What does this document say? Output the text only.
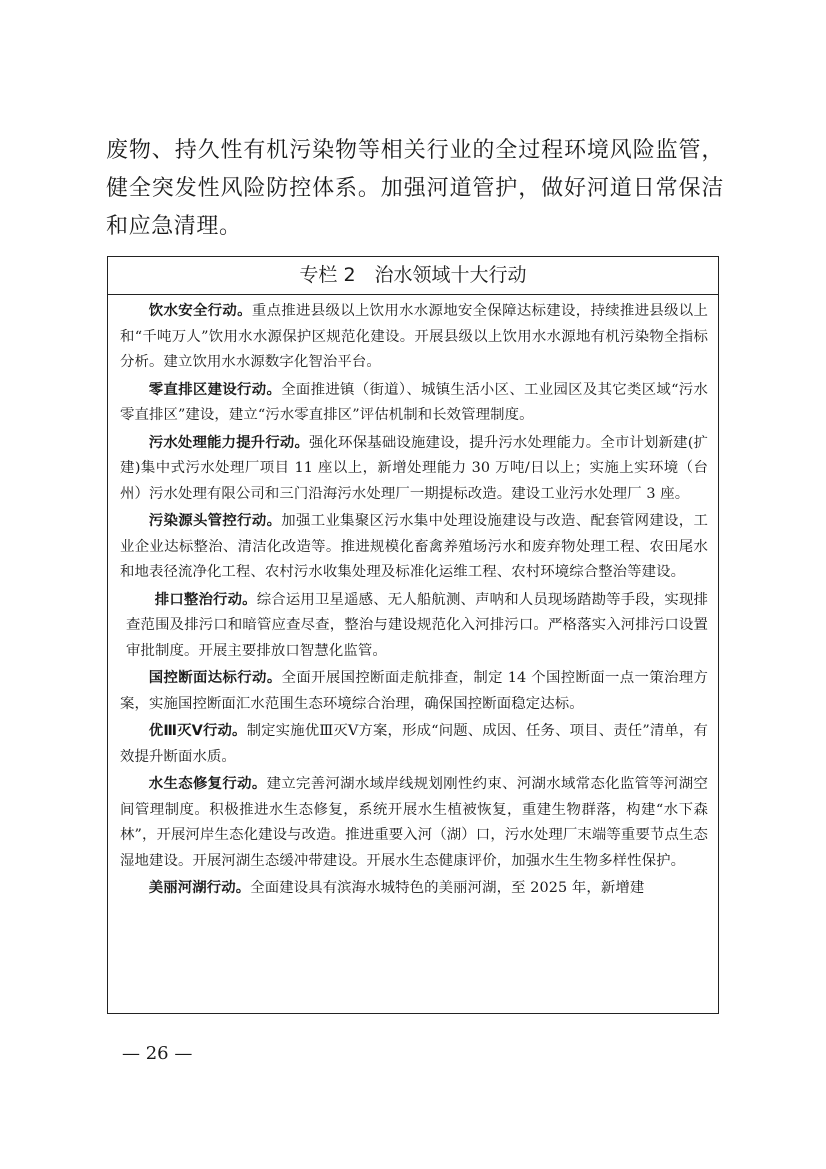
废物、持久性有机污染物等相关行业的全过程环境风险监管，健全突发性风险防控体系。加强河道管护，做好河道日常保洁和应急清理。

专栏 2　治水领域十大行动

饮水安全行动。重点推进县级以上饮用水水源地安全保障达标建设，持续推进县级以上和“千吨万人”饮用水水源保护区规范化建设。开展县级以上饮用水水源地有机污染物全指标分析。建立饮用水水源数字化智治平台。

零直排区建设行动。全面推进镇（街道）、城镇生活小区、工业园区及其它类区域“污水零直排区”建设，建立“污水零直排区”评估机制和长效管理制度。

污水处理能力提升行动。强化环保基础设施建设，提升污水处理能力。全市计划新建(扩建)集中式污水处理厂项目 11 座以上，新增处理能力 30 万吨/日以上；实施上实环境（台州）污水处理有限公司和三门沿海污水处理厂一期提标改造。建设工业污水处理厂 3 座。

污染源头管控行动。加强工业集聚区污水集中处理设施建设与改造、配套管网建设，工业企业达标整治、清洁化改造等。推进规模化畜禽养殖场污水和废弃物处理工程、农田尾水和地表径流净化工程、农村污水收集处理及标准化运维工程、农村环境综合整治等建设。

排口整治行动。综合运用卫星遥感、无人船航测、声呐和人员现场踏勘等手段，实现排查范围及排污口和暗管应查尽查，整治与建设规范化入河排污口。严格落实入河排污口设置审批制度。开展主要排放口智慧化监管。

国控断面达标行动。全面开展国控断面走航排查，制定 14 个国控断面一点一策治理方案，实施国控断面汇水范围生态环境综合治理，确保国控断面稳定达标。

优Ⅲ灭Ⅴ行动。制定实施优Ⅲ灭Ⅴ方案，形成“问题、成因、任务、项目、责任”清单，有效提升断面水质。

水生态修复行动。建立完善河湖水域岸线规划刚性约束、河湖水域常态化监管等河湖空间管理制度。积极推进水生态修复，系统开展水生植被恢复，重建生物群落，构建“水下森林”，开展河岸生态化建设与改造。推进重要入河（湖）口，污水处理厂末端等重要节点生态湿地建设。开展河湖生态缓冲带建设。开展水生态健康评价，加强水生生物多样性保护。

美丽河湖行动。全面建设具有滨海水城特色的美丽河湖，至 2025 年，新增建

— 26 —
